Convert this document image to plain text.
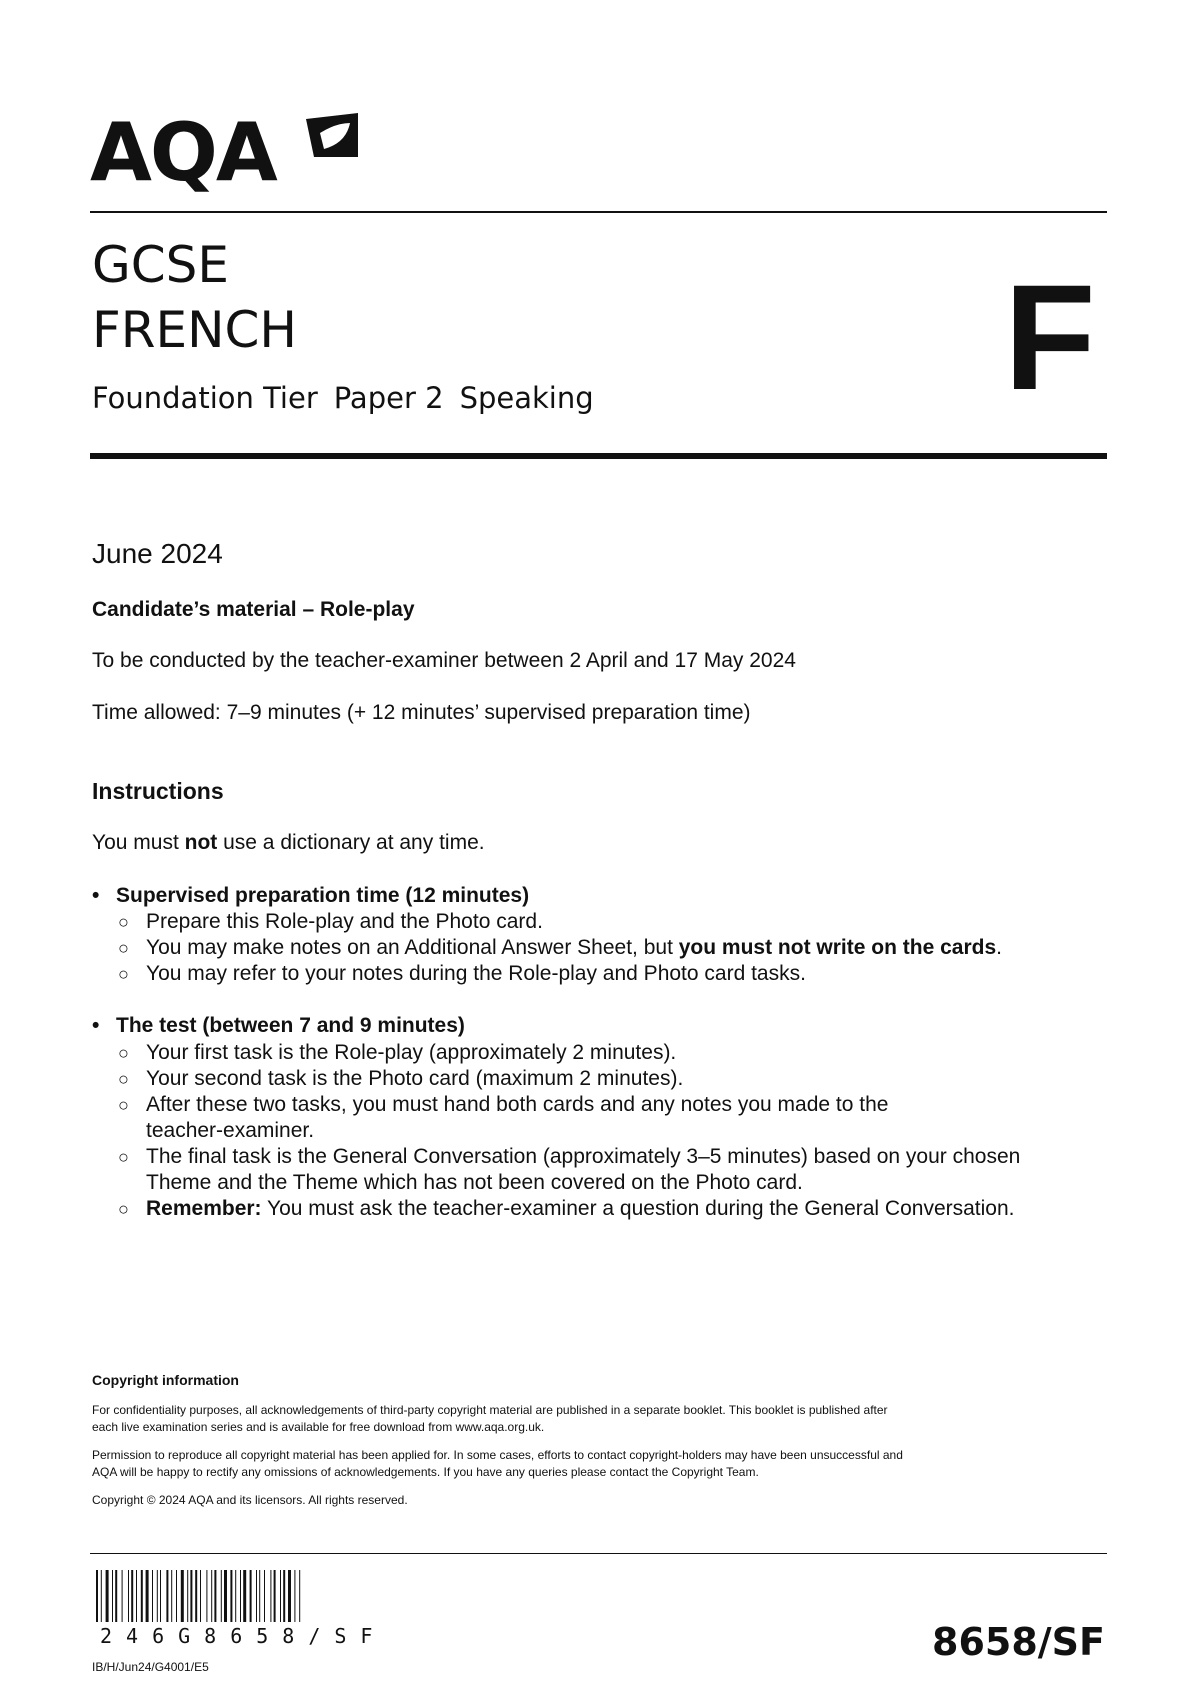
AQA
GCSE
FRENCH
Foundation Tier Paper 2 Speaking	F
June 2024
Candidate’s material – Role-play
To be conducted by the teacher-examiner between 2 April and 17 May 2024
Time allowed: 7–9 minutes (+ 12 minutes’ supervised preparation time)
Instructions
You must not use a dictionary at any time.
• Supervised preparation time (12 minutes)
○ Prepare this Role-play and the Photo card.
○ You may make notes on an Additional Answer Sheet, but you must not write on the cards.
○ You may refer to your notes during the Role-play and Photo card tasks.
• The test (between 7 and 9 minutes)
○ Your first task is the Role-play (approximately 2 minutes).
○ Your second task is the Photo card (maximum 2 minutes).
○ After these two tasks, you must hand both cards and any notes you made to the
teacher-examiner.
○ The final task is the General Conversation (approximately 3–5 minutes) based on your chosen
Theme and the Theme which has not been covered on the Photo card.
○ Remember: You must ask the teacher-examiner a question during the General Conversation.
Copyright information
For confidentiality purposes, all acknowledgements of third-party copyright material are published in a separate booklet. This booklet is published after
each live examination series and is available for free download from www.aqa.org.uk.
Permission to reproduce all copyright material has been applied for. In some cases, efforts to contact copyright-holders may have been unsuccessful and
AQA will be happy to rectify any omissions of acknowledgements. If you have any queries please contact the Copyright Team.
Copyright © 2024 AQA and its licensors. All rights reserved.
246G8658/SF
IB/H/Jun24/G4001/E5
8658/SF
